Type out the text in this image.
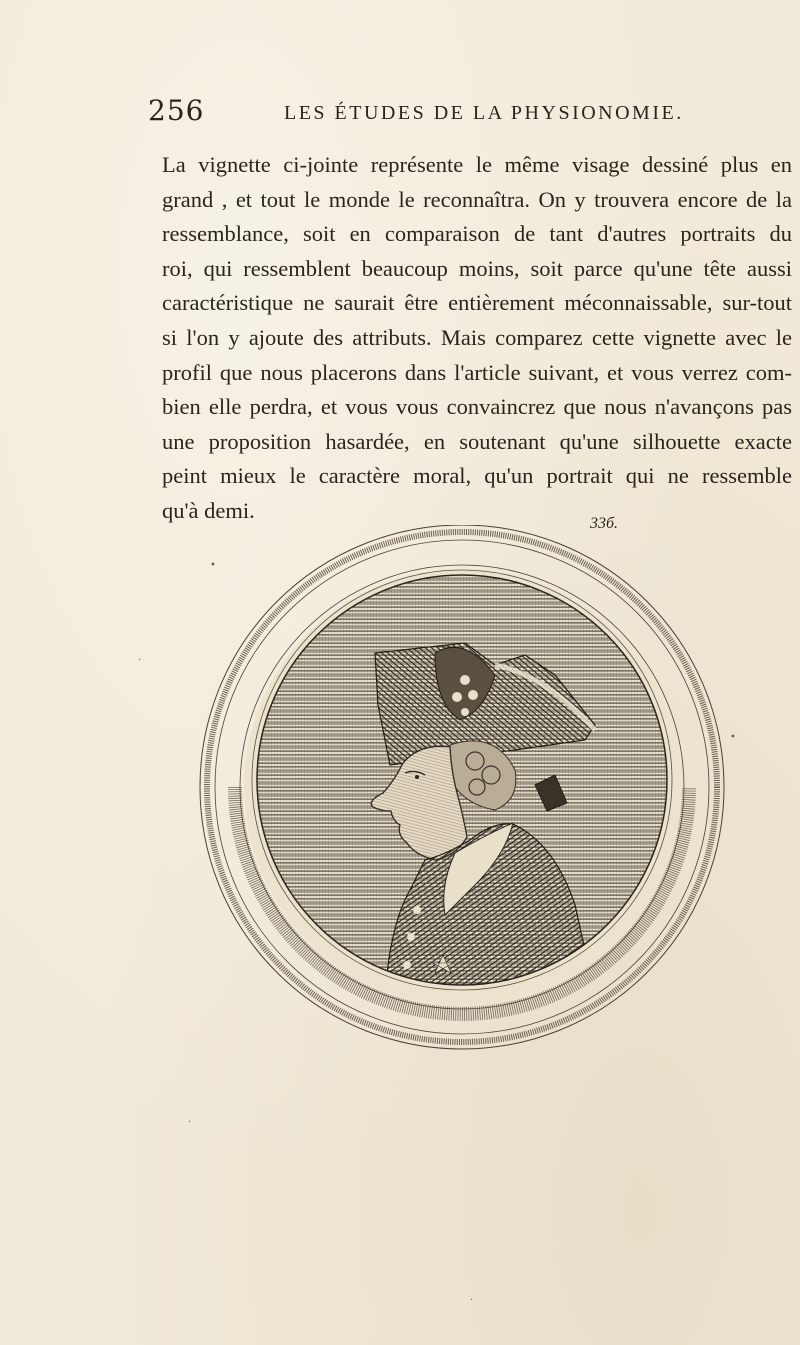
256	LES ÉTUDES DE LA PHYSIONOMIE.
La vignette ci-jointe représente le même visage dessiné plus en
grand , et tout le monde le reconnaîtra. On y trouvera encore de la
ressemblance, soit en comparaison de tant d'autres portraits du
roi, qui ressemblent beaucoup moins, soit parce qu'une tête aussi
caractéristique ne saurait être entièrement méconnaissable, sur-tout
si l'on y ajoute des attributs. Mais comparez cette vignette avec le
profil que nous placerons dans l'article suivant, et vous verrez com-
bien elle perdra, et vous vous convaincrez que nous n'avançons pas
une proposition hasardée, en soutenant qu'une silhouette exacte
peint mieux le caractère moral, qu'un portrait qui ne ressemble
qu'à demi.
33б.
•
·
•
·
·
